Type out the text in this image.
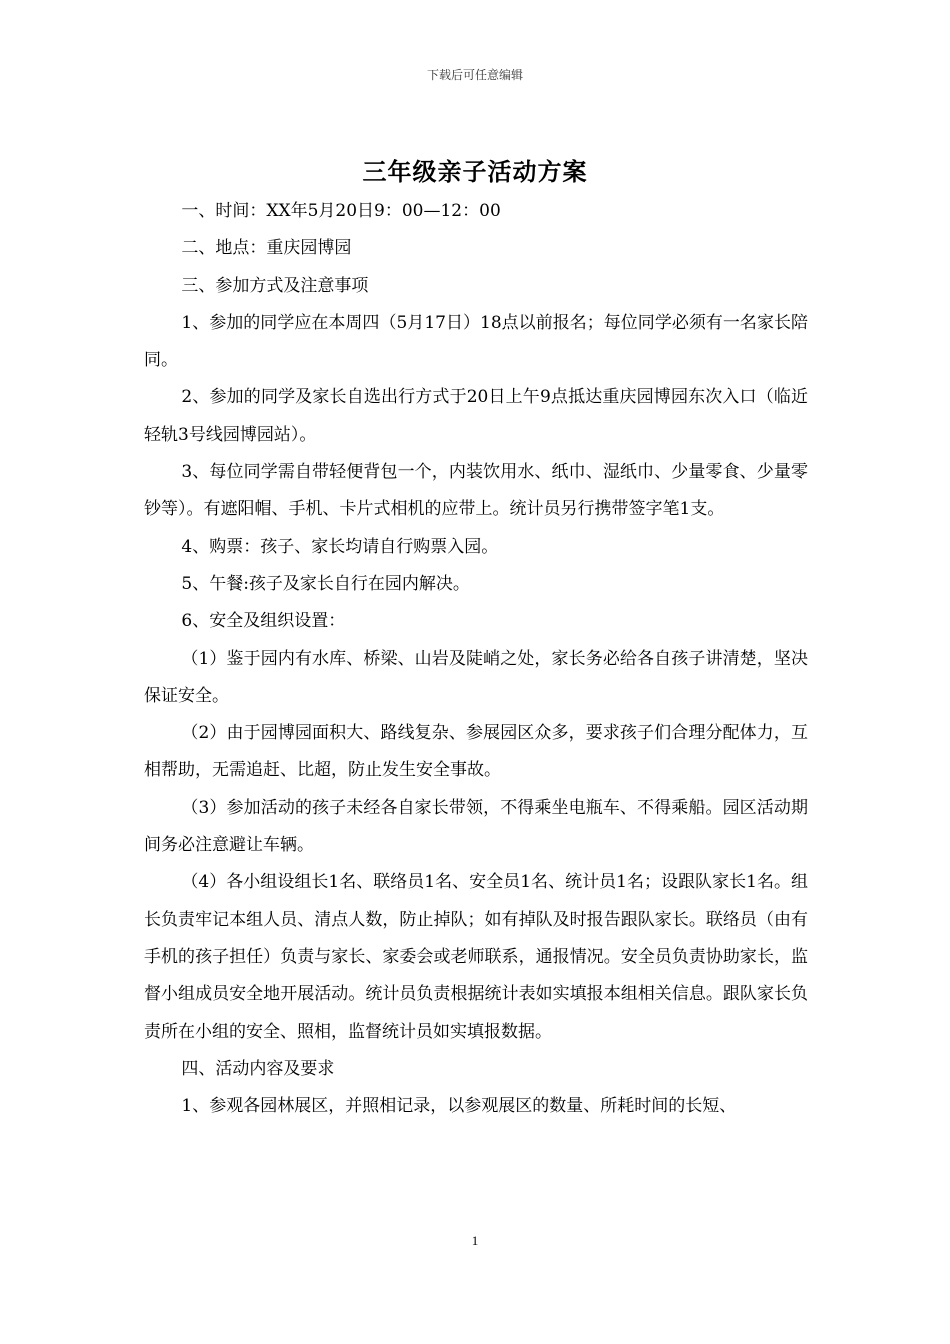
下载后可任意编辑
三年级亲子活动方案

一、时间：XX年5月20日9：00—12：00

二、地点：重庆园博园

三、参加方式及注意事项

1、参加的同学应在本周四（5月17日）18点以前报名；每位同学必须有一名家长陪同。

2、参加的同学及家长自选出行方式于20日上午9点抵达重庆园博园东次入口（临近轻轨3号线园博园站）。

3、每位同学需自带轻便背包一个，内装饮用水、纸巾、湿纸巾、少量零食、少量零钞等）。有遮阳帽、手机、卡片式相机的应带上。统计员另行携带签字笔1支。

4、购票：孩子、家长均请自行购票入园。

5、午餐:孩子及家长自行在园内解决。

6、安全及组织设置：

（1）鉴于园内有水库、桥梁、山岩及陡峭之处，家长务必给各自孩子讲清楚，坚决保证安全。

（2）由于园博园面积大、路线复杂、参展园区众多，要求孩子们合理分配体力，互相帮助，无需追赶、比超，防止发生安全事故。

（3）参加活动的孩子未经各自家长带领，不得乘坐电瓶车、不得乘船。园区活动期间务必注意避让车辆。

（4）各小组设组长1名、联络员1名、安全员1名、统计员1名；设跟队家长1名。组长负责牢记本组人员、清点人数，防止掉队；如有掉队及时报告跟队家长。联络员（由有手机的孩子担任）负责与家长、家委会或老师联系，通报情况。安全员负责协助家长，监督小组成员安全地开展活动。统计员负责根据统计表如实填报本组相关信息。跟队家长负责所在小组的安全、照相，监督统计员如实填报数据。

四、活动内容及要求

1、参观各园林展区，并照相记录，以参观展区的数量、所耗时间的长短、

1
